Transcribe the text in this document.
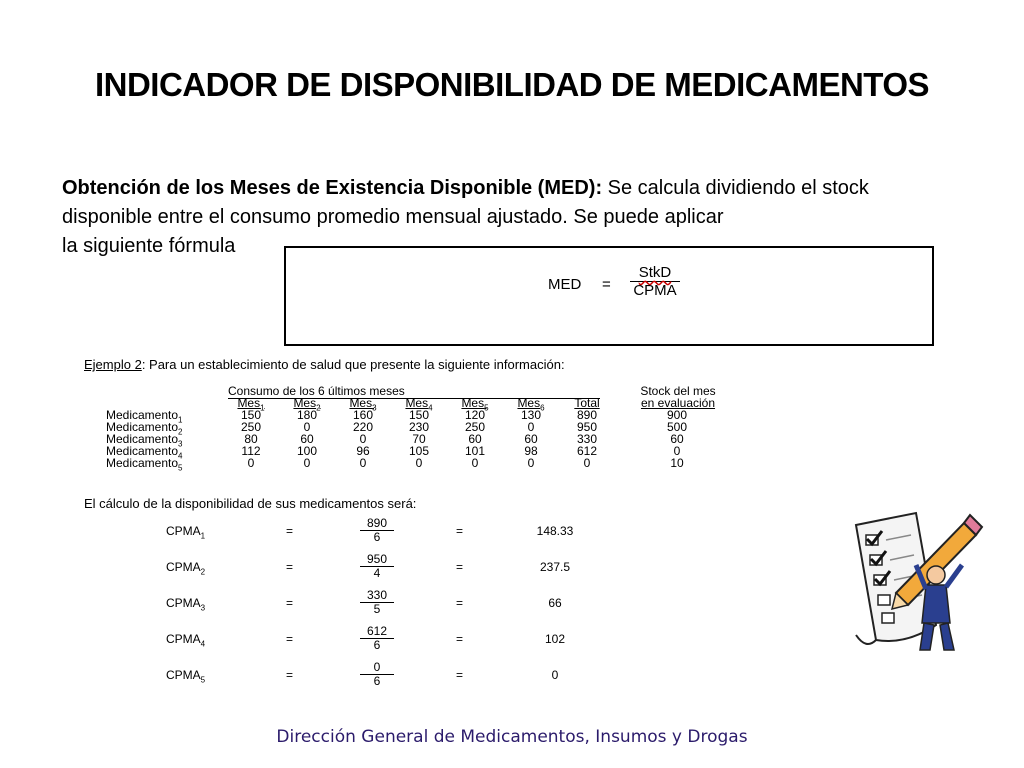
INDICADOR DE DISPONIBILIDAD DE MEDICAMENTOS
Obtención de los Meses de Existencia Disponible (MED): Se calcula dividiendo el stock disponible entre el consumo promedio mensual ajustado. Se puede aplicar
la siguiente fórmula
MED =
StkD
CPMA
Ejemplo 2: Para un establecimiento de salud que presente la siguiente información:
Consumo de los 6 últimos meses	Stock del mes
Mes$_1$	Mes$_2$	Mes$_3$	Mes$_4$	Mes$_5$	Mes$_6$	Total	en evaluación
Medicamento$_1$	150	180	160	150	120	130	890	900
Medicamento$_2$	250	0	220	230	250	0	950	500
Medicamento$_3$	80	60	0	70	60	60	330	60
Medicamento$_4$	112	100	96	105	101	98	612	0
Medicamento$_5$	0	0	0	0	0	0	0	10
El cálculo de la disponibilidad de sus medicamentos será:
$CPMA_1$	=	$\frac{890}{6}$	=	148.33
$CPMA_2$	=	$\frac{950}{4}$	=	237.5
$CPMA_3$	=	$\frac{330}{5}$	=	66
$CPMA_4$	=	$\frac{612}{6}$	=	102
$CPMA_5$	=	$\frac{0}{6}$	=	0
Dirección General de Medicamentos, Insumos y Drogas
